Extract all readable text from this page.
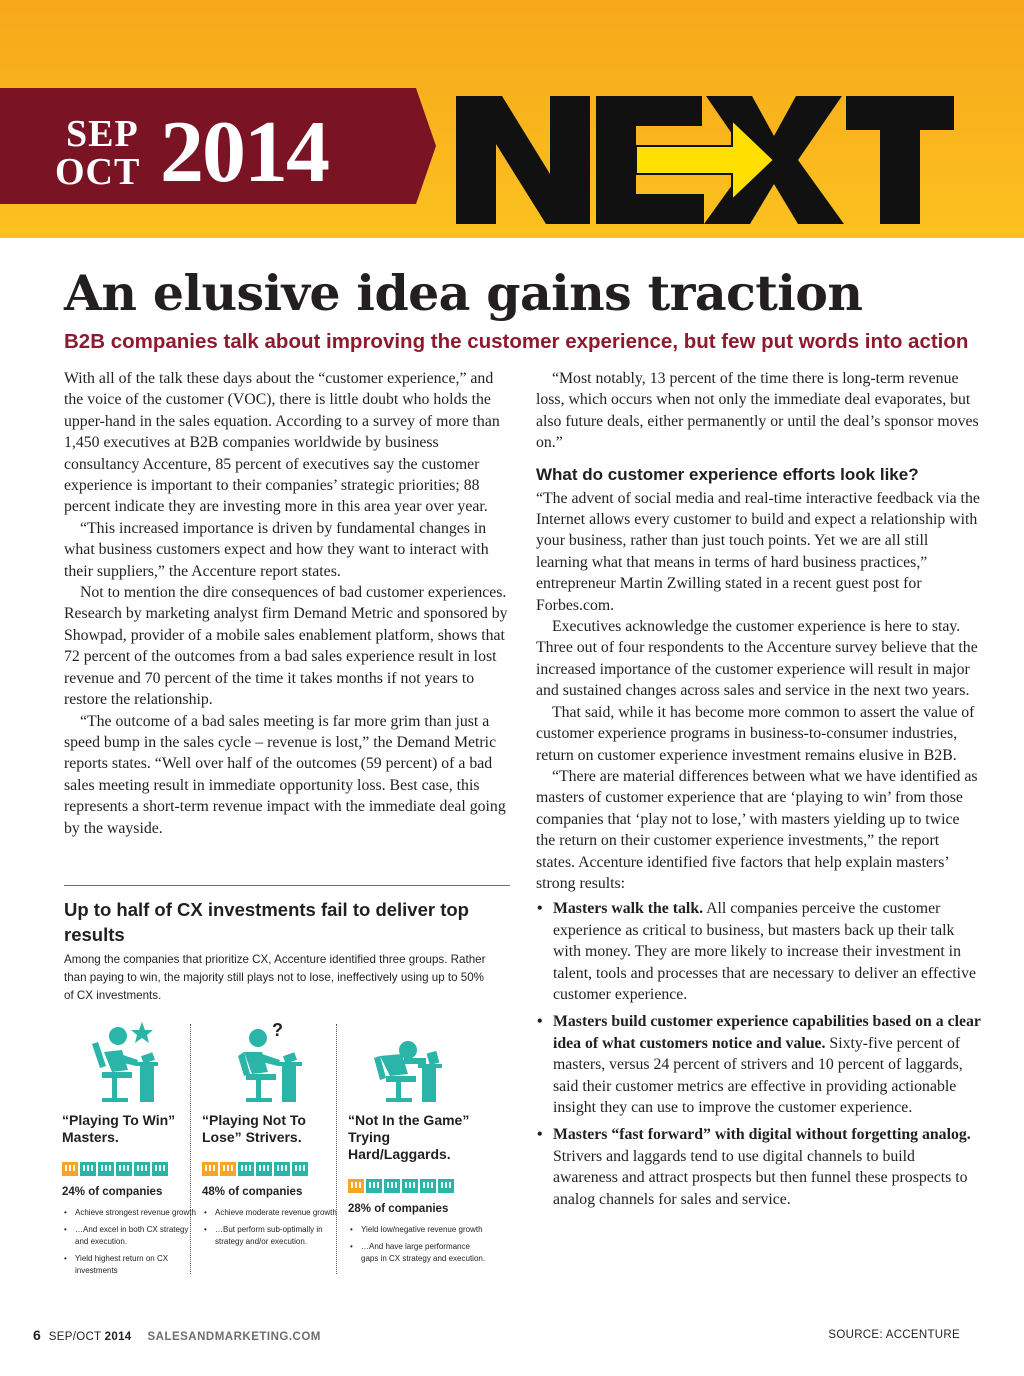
SEP
OCT 2014
NEXT
An elusive idea gains traction
B2B companies talk about improving the customer experience, but few put words into action

With all of the talk these days about the “customer experience,” and the voice of the customer (VOC), there is little doubt who holds the upper-hand in the sales equation. According to a survey of more than 1,450 executives at B2B companies worldwide by business consultancy Accenture, 85 percent of executives say the customer experience is important to their companies’ strategic priorities; 88 percent indicate they are investing more in this area year over year.

“This increased importance is driven by fundamental changes in what business customers expect and how they want to interact with their suppliers,” the Accenture report states.

Not to mention the dire consequences of bad customer experiences. Research by marketing analyst firm Demand Metric and sponsored by Showpad, provider of a mobile sales enablement platform, shows that 72 percent of the outcomes from a bad sales experience result in lost revenue and 70 percent of the time it takes months if not years to restore the relationship.

“The outcome of a bad sales meeting is far more grim than just a speed bump in the sales cycle – revenue is lost,” the Demand Metric reports states. “Well over half of the outcomes (59 percent) of a bad sales meeting result in immediate opportunity loss. Best case, this represents a short-term revenue impact with the immediate deal going by the wayside.

“Most notably, 13 percent of the time there is long-term revenue loss, which occurs when not only the immediate deal evaporates, but also future deals, either permanently or until the deal’s sponsor moves on.”

What do customer experience efforts look like?

“The advent of social media and real-time interactive feedback via the Internet allows every customer to build and expect a relationship with your business, rather than just touch points. Yet we are all still learning what that means in terms of hard business practices,” entrepreneur Martin Zwilling stated in a recent guest post for Forbes.com.

Executives acknowledge the customer experience is here to stay. Three out of four respondents to the Accenture survey believe that the increased importance of the customer experience will result in major and sustained changes across sales and service in the next two years.

That said, while it has become more common to assert the value of customer experience programs in business-to-consumer industries, return on customer experience investment remains elusive in B2B.

“There are material differences between what we have identified as masters of customer experience that are ‘playing to win’ from those companies that ‘play not to lose,’ with masters yielding up to twice the return on their customer experience investments,” the report states. Accenture identified five factors that help explain masters’ strong results:

• Masters walk the talk. All companies perceive the customer experience as critical to business, but masters back up their talk with money. They are more likely to increase their investment in talent, tools and processes that are necessary to deliver an effective customer experience.
• Masters build customer experience capabilities based on a clear idea of what customers notice and value. Sixty-five percent of masters, versus 24 percent of strivers and 10 percent of laggards, said their customer metrics are effective in providing actionable insight they can use to improve the customer experience.
• Masters “fast forward” with digital without forgetting analog. Strivers and laggards tend to use digital channels to build awareness and attract prospects but then funnel these prospects to analog channels for sales and service.
Up to half of CX investments fail to deliver top results
Among the companies that prioritize CX, Accenture identified three groups. Rather than paying to win, the majority still plays not to lose, ineffectively using up to 50% of CX investments.
“Playing To Win”
Masters.
24% of companies
• Achieve strongest revenue growth
• …And excel in both CX strategy and execution.
• Yield highest return on CX investments
?
“Playing Not To
Lose” Strivers.
48% of companies
• Achieve moderate revenue growth
• …But perform sub-optimally in strategy and/or execution.
“Not In the Game”
Trying Hard/Laggards.
28% of companies
• Yield low/negative revenue growth
• …And have large performance gaps in CX strategy and execution.
6 SEP/OCT 2014 SALESANDMARKETING.COM	SOURCE: ACCENTURE
